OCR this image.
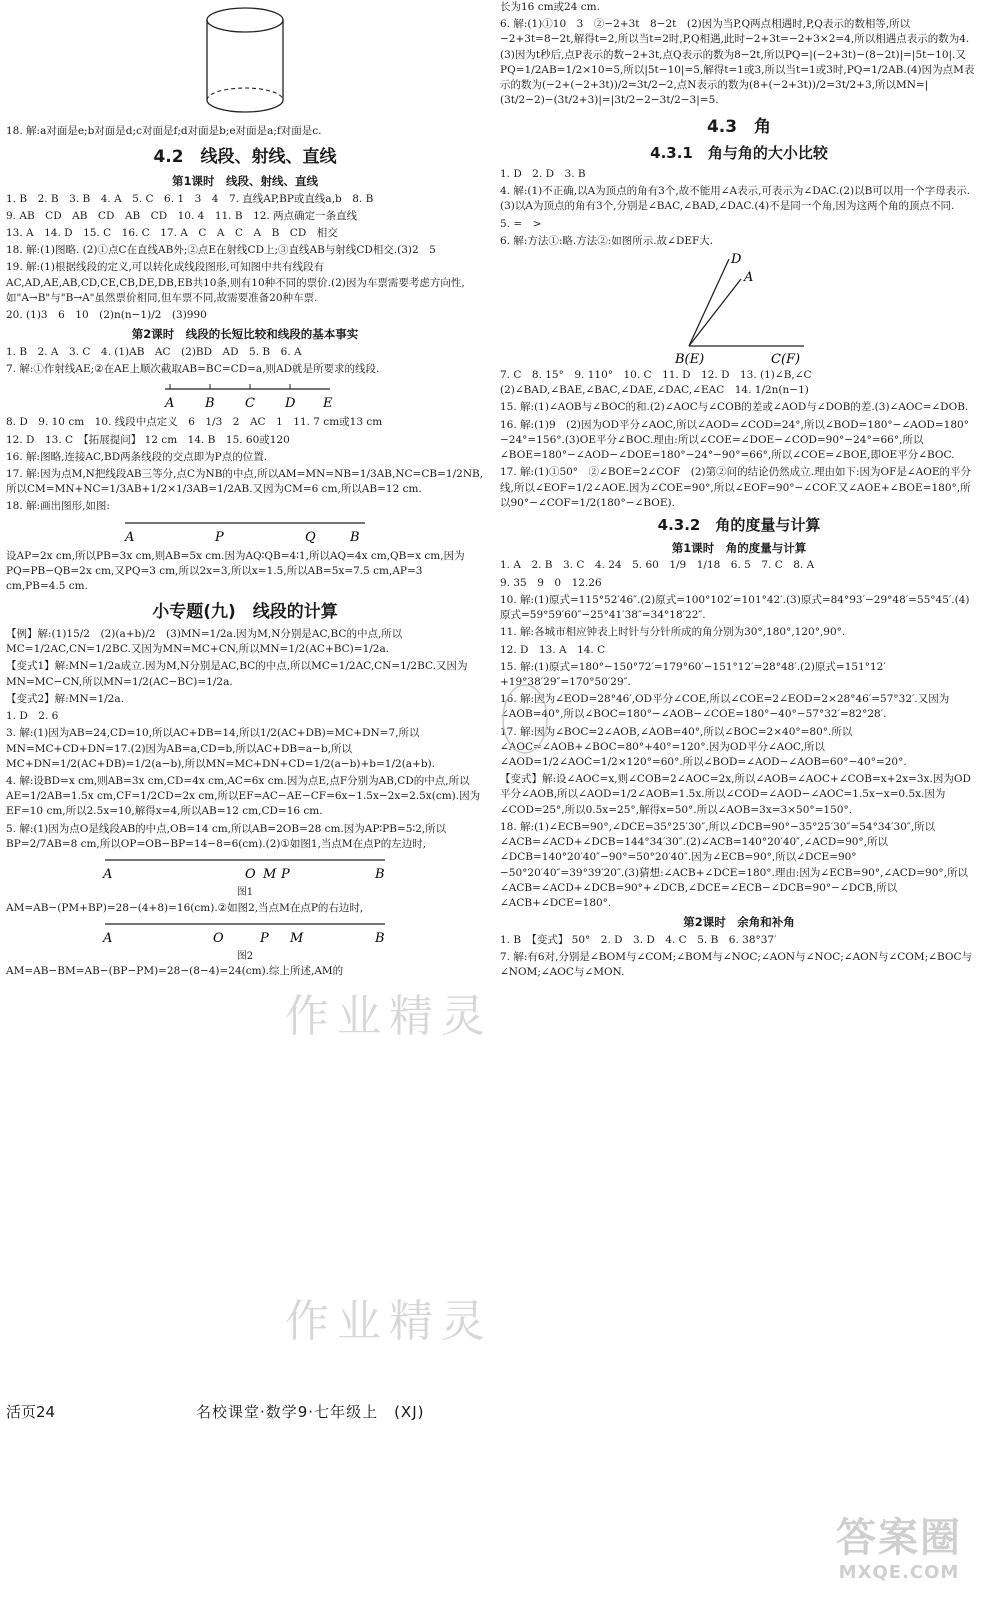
18. 解:a对面是e;b对面是d;c对面是f;d对面是b;e对面是a;f对面是c.

4.2　线段、射线、直线
第1课时　线段、射线、直线

1. B　2. B　3. B　4. A　5. C　6. 1　3　4　7. 直线AP,BP或直线a,b　8. B

9. AB　CD　AB　CD　AB　CD　10. 4　11. B　12. 两点确定一条直线

13. A　14. D　15. C　16. C　17. A　C　A　C　A　B　CD　相交

18. 解:(1)图略. (2)①点C在直线AB外;②点E在射线CD上;③直线AB与射线CD相交.(3)2　5

19. 解:(1)根据线段的定义,可以转化成线段图形,可知图中共有线段有AC,AD,AE,AB,CD,CE,CB,DE,DB,EB共10条,则有10种不同的票价.(2)因为车票需要考虑方向性,如"A→B"与"B→A"虽然票价相同,但车票不同,故需要准备20种车票.

20. (1)3　6　10　(2)n(n−1)/2　(3)990

第2课时　线段的长短比较和线段的基本事实

1. B　2. A　3. C　4. (1)AB　AC　(2)BD　AD　5. B　6. A

7. 解:①作射线AE;②在AE上顺次截取AB=BC=CD=a,则AD就是所要求的线段.

A B C D E

8. D　9. 10 cm　10. 线段中点定义　6　1/3　2　AC　1　11. 7 cm或13 cm

12. D　13. C　【拓展提问】 12 cm　14. B　15. 60或120

16. 解:图略,连接AC,BD两条线段的交点即为P点的位置.

17. 解:因为点M,N把线段AB三等分,点C为NB的中点,所以AM=MN=NB=1/3AB,NC=CB=1/2NB,所以CM=MN+NC=1/3AB+1/2×1/3AB=1/2AB.又因为CM=6 cm,所以AB=12 cm.

18. 解:画出图形,如图:

A	P	Q	B

设AP=2x cm,所以PB=3x cm,则AB=5x cm.因为AQ∶QB=4∶1,所以AQ=4x cm,QB=x cm,因为PQ=PB−QB=2x cm,又PQ=3 cm,所以2x=3,所以x=1.5,所以AB=5x=7.5 cm,AP=3 cm,PB=4.5 cm.

小专题(九)　线段的计算

【例】解:(1)15/2　(2)(a+b)/2　(3)MN=1/2a.因为M,N分别是AC,BC的中点,所以MC=1/2AC,CN=1/2BC.又因为MN=MC+CN,所以MN=1/2(AC+BC)=1/2a.

【变式1】解:MN=1/2a成立.因为M,N分别是AC,BC的中点,所以MC=1/2AC,CN=1/2BC.又因为MN=MC−CN,所以MN=1/2(AC−BC)=1/2a.

【变式2】解:MN=1/2a.

1. D　2. 6

3. 解:(1)因为AB=24,CD=10,所以AC+DB=14,所以1/2(AC+DB)=MC+DN=7,所以MN=MC+CD+DN=17.(2)因为AB=a,CD=b,所以AC+DB=a−b,所以MC+DN=1/2(AC+DB)=1/2(a−b),所以MN=MC+DN+CD=1/2(a−b)+b=1/2(a+b).

4. 解:设BD=x cm,则AB=3x cm,CD=4x cm,AC=6x cm.因为点E,点F分别为AB,CD的中点,所以AE=1/2AB=1.5x cm,CF=1/2CD=2x cm,所以EF=AC−AE−CF=6x−1.5x−2x=2.5x(cm).因为EF=10 cm,所以2.5x=10,解得x=4,所以AB=12 cm,CD=16 cm.

5. 解:(1)因为点O是线段AB的中点,OB=14 cm,所以AB=2OB=28 cm.因为AP∶PB=5∶2,所以BP=2/7AB=8 cm,所以OP=OB−BP=14−8=6(cm).(2)①如图1,当点M在点P的左边时,

A	O M P	B

图1

AM=AB−(PM+BP)=28−(4+8)=16(cm).②如图2,当点M在点P的右边时,

A	O	P M	B

图2

AM=AB−BM=AB−(BP−PM)=28−(8−4)=24(cm).综上所述,AM的

长为16 cm或24 cm.

6. 解:(1)①10　3　②−2+3t　8−2t　(2)因为当P,Q两点相遇时,P,Q表示的数相等,所以−2+3t=8−2t,解得t=2,所以当t=2时,P,Q相遇,此时−2+3t=−2+3×2=4,所以相遇点表示的数为4.(3)因为t秒后,点P表示的数−2+3t,点Q表示的数为8−2t,所以PQ=|(−2+3t)−(8−2t)|=|5t−10|.又PQ=1/2AB=1/2×10=5,所以|5t−10|=5,解得t=1或3,所以当t=1或3时,PQ=1/2AB.(4)因为点M表示的数为(−2+(−2+3t))/2=3t/2−2,点N表示的数为(8+(−2+3t))/2=3t/2+3,所以MN=|(3t/2−2)−(3t/2+3)|=|3t/2−2−3t/2−3|=5.

4.3　角
4.3.1　角与角的大小比较

1. D　2. D　3. B

4. 解:(1)不正确,以A为顶点的角有3个,故不能用∠A表示,可表示为∠DAC.(2)以B可以用一个字母表示.(3)以A为顶点的角有3个,分别是∠BAC,∠BAD,∠DAC.(4)不是同一个角,因为这两个角的顶点不同.

5. =　>

6. 解:方法①:略.方法②:如图所示.故∠DEF大.

D
A
B(E)	C(F)

7. C　8. 15°　9. 110°　10. C　11. D　12. D　13. (1)∠B,∠C　(2)∠BAD,∠BAE,∠BAC,∠DAE,∠DAC,∠EAC　14. 1/2n(n−1)

15. 解:(1)∠AOB与∠BOC的和.(2)∠AOC与∠COB的差或∠AOD与∠DOB的差.(3)∠AOC=∠DOB.

16. 解:(1)9　(2)因为OD平分∠AOC,所以∠AOD=∠COD=24°,所以∠BOD=180°−∠AOD=180°−24°=156°.(3)OE平分∠BOC.理由:所以∠COE=∠DOE−∠COD=90°−24°=66°,所以∠BOE=180°−∠AOD−∠DOE=180°−24°−90°=66°,所以∠COE=∠BOE,即OE平分∠BOC.

17. 解:(1)①50°　②∠BOE=2∠COF　(2)第②问的结论仍然成立.理由如下:因为OF是∠AOE的平分线,所以∠EOF=1/2∠AOE.因为∠COE=90°,所以∠EOF=90°−∠COF.又∠AOE+∠BOE=180°,所以90°−∠COF=1/2(180°−∠BOE).

4.3.2　角的度量与计算
第1课时　角的度量与计算

1. A　2. B　3. C　4. 24　5. 60　1/9　1/18　6. 5　7. C　8. A

9. 35　9　0　12.26

10. 解:(1)原式=115°52′46″.(2)原式=100°102′=101°42′.(3)原式=84°93′−29°48′=55°45′.(4)原式=59°59′60″−25°41′38″=34°18′22″.

11. 解:各城市相应钟表上时针与分针所成的角分别为30°,180°,120°,90°.

12. D　13. A　14. C

15. 解:(1)原式=180°−150°72′=179°60′−151°12′=28°48′.(2)原式=151°12′+19°38′29″=170°50′29″.

16. 解:因为∠EOD=28°46′,OD平分∠COE,所以∠COE=2∠EOD=2×28°46′=57°32′.又因为∠AOB=40°,所以∠BOC=180°−∠AOB−∠COE=180°−40°−57°32′=82°28′.

17. 解:因为∠BOC=2∠AOB,∠AOB=40°,所以∠BOC=2×40°=80°.所以∠AOC=∠AOB+∠BOC=80°+40°=120°.因为OD平分∠AOC,所以∠AOD=1/2∠AOC=1/2×120°=60°.所以∠BOD=∠AOD−∠AOB=60°−40°=20°.

【变式】解:设∠AOC=x,则∠COB=2∠AOC=2x,所以∠AOB=∠AOC+∠COB=x+2x=3x.因为OD平分∠AOB,所以∠AOD=1/2∠AOB=1.5x.所以∠COD=∠AOD−∠AOC=1.5x−x=0.5x.因为∠COD=25°,所以0.5x=25°,解得x=50°.所以∠AOB=3x=3×50°=150°.

18. 解:(1)∠ECB=90°,∠DCE=35°25′30″,所以∠DCB=90°−35°25′30″=54°34′30″,所以∠ACB=∠ACD+∠DCB=144°34′30″.(2)∠ACB=140°20′40″,∠ACD=90°,所以∠DCB=140°20′40″−90°=50°20′40″.因为∠ECB=90°,所以∠DCE=90°−50°20′40″=39°39′20″.(3)猜想:∠ACB+∠DCE=180°.理由:因为∠ECB=90°,∠ACD=90°,所以∠ACB=∠ACD+∠DCB=90°+∠DCB,∠DCE=∠ECB−∠DCB=90°−∠DCB,所以∠ACB+∠DCE=180°.

第2课时　余角和补角

1. B　【变式】 50°　2. D　3. D　4. C　5. B　6. 38°37′

7. 解:有6对,分别是∠BOM与∠COM;∠BOM与∠NOC;∠AON与∠NOC;∠AON与∠COM;∠BOC与∠NOM;∠AOC与∠MON.

作业精灵
作业精灵
活页24	名校课堂·数学9·七年级上　(XJ)
答案圈
MXQE.COM
